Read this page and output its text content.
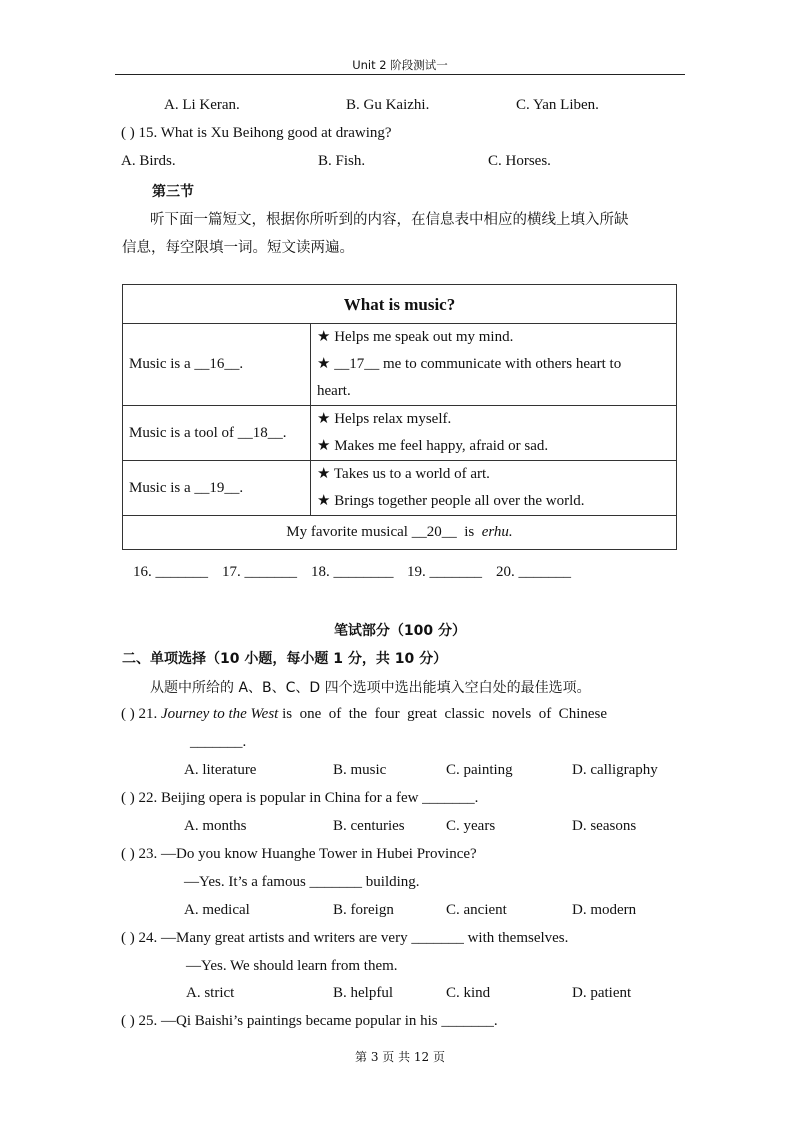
Unit 2 阶段测试一
A. Li Keran.	B. Gu Kaizhi.	C. Yan Liben.
( ) 15. What is Xu Beihong good at drawing?
A. Birds.	B. Fish.	C. Horses.
第三节
听下面一篇短文，根据你所听到的内容，在信息表中相应的横线上填入所缺
信息，每空限填一词。短文读两遍。
What is music?	
Music is a __16__.	★ Helps me speak out my mind.
★ __17__ me to communicate with others heart to
heart.

Music is a tool of __18__.	★ Helps relax myself.
★ Makes me feel happy, afraid or sad.

Music is a __19__.	★ Takes us to a world of art.
★ Brings together people all over the world.

My favorite musical __20__  is  erhu.	
16. _______ 17. _______ 18. ________ 19. _______ 20. _______
笔试部分（100 分）
二、单项选择（10 小题，每小题 1 分，共 10 分）
从题中所给的 A、B、C、D 四个选项中选出能填入空白处的最佳选项。
( ) 21. Journey to the West is  one  of  the  four  great  classic  novels  of  Chinese
_______.
A. literature	B. music	C. painting	D. calligraphy
( ) 22. Beijing opera is popular in China for a few _______.
A. months	B. centuries	C. years	D. seasons
( ) 23. —Do you know Huanghe Tower in Hubei Province?
—Yes. It’s a famous _______ building.
A. medical	B. foreign	C. ancient	D. modern
( ) 24. —Many great artists and writers are very _______ with themselves.
—Yes. We should learn from them.
A. strict	B. helpful	C. kind	D. patient
( ) 25. —Qi Baishi’s paintings became popular in his _______.
第 3 页 共 12 页
